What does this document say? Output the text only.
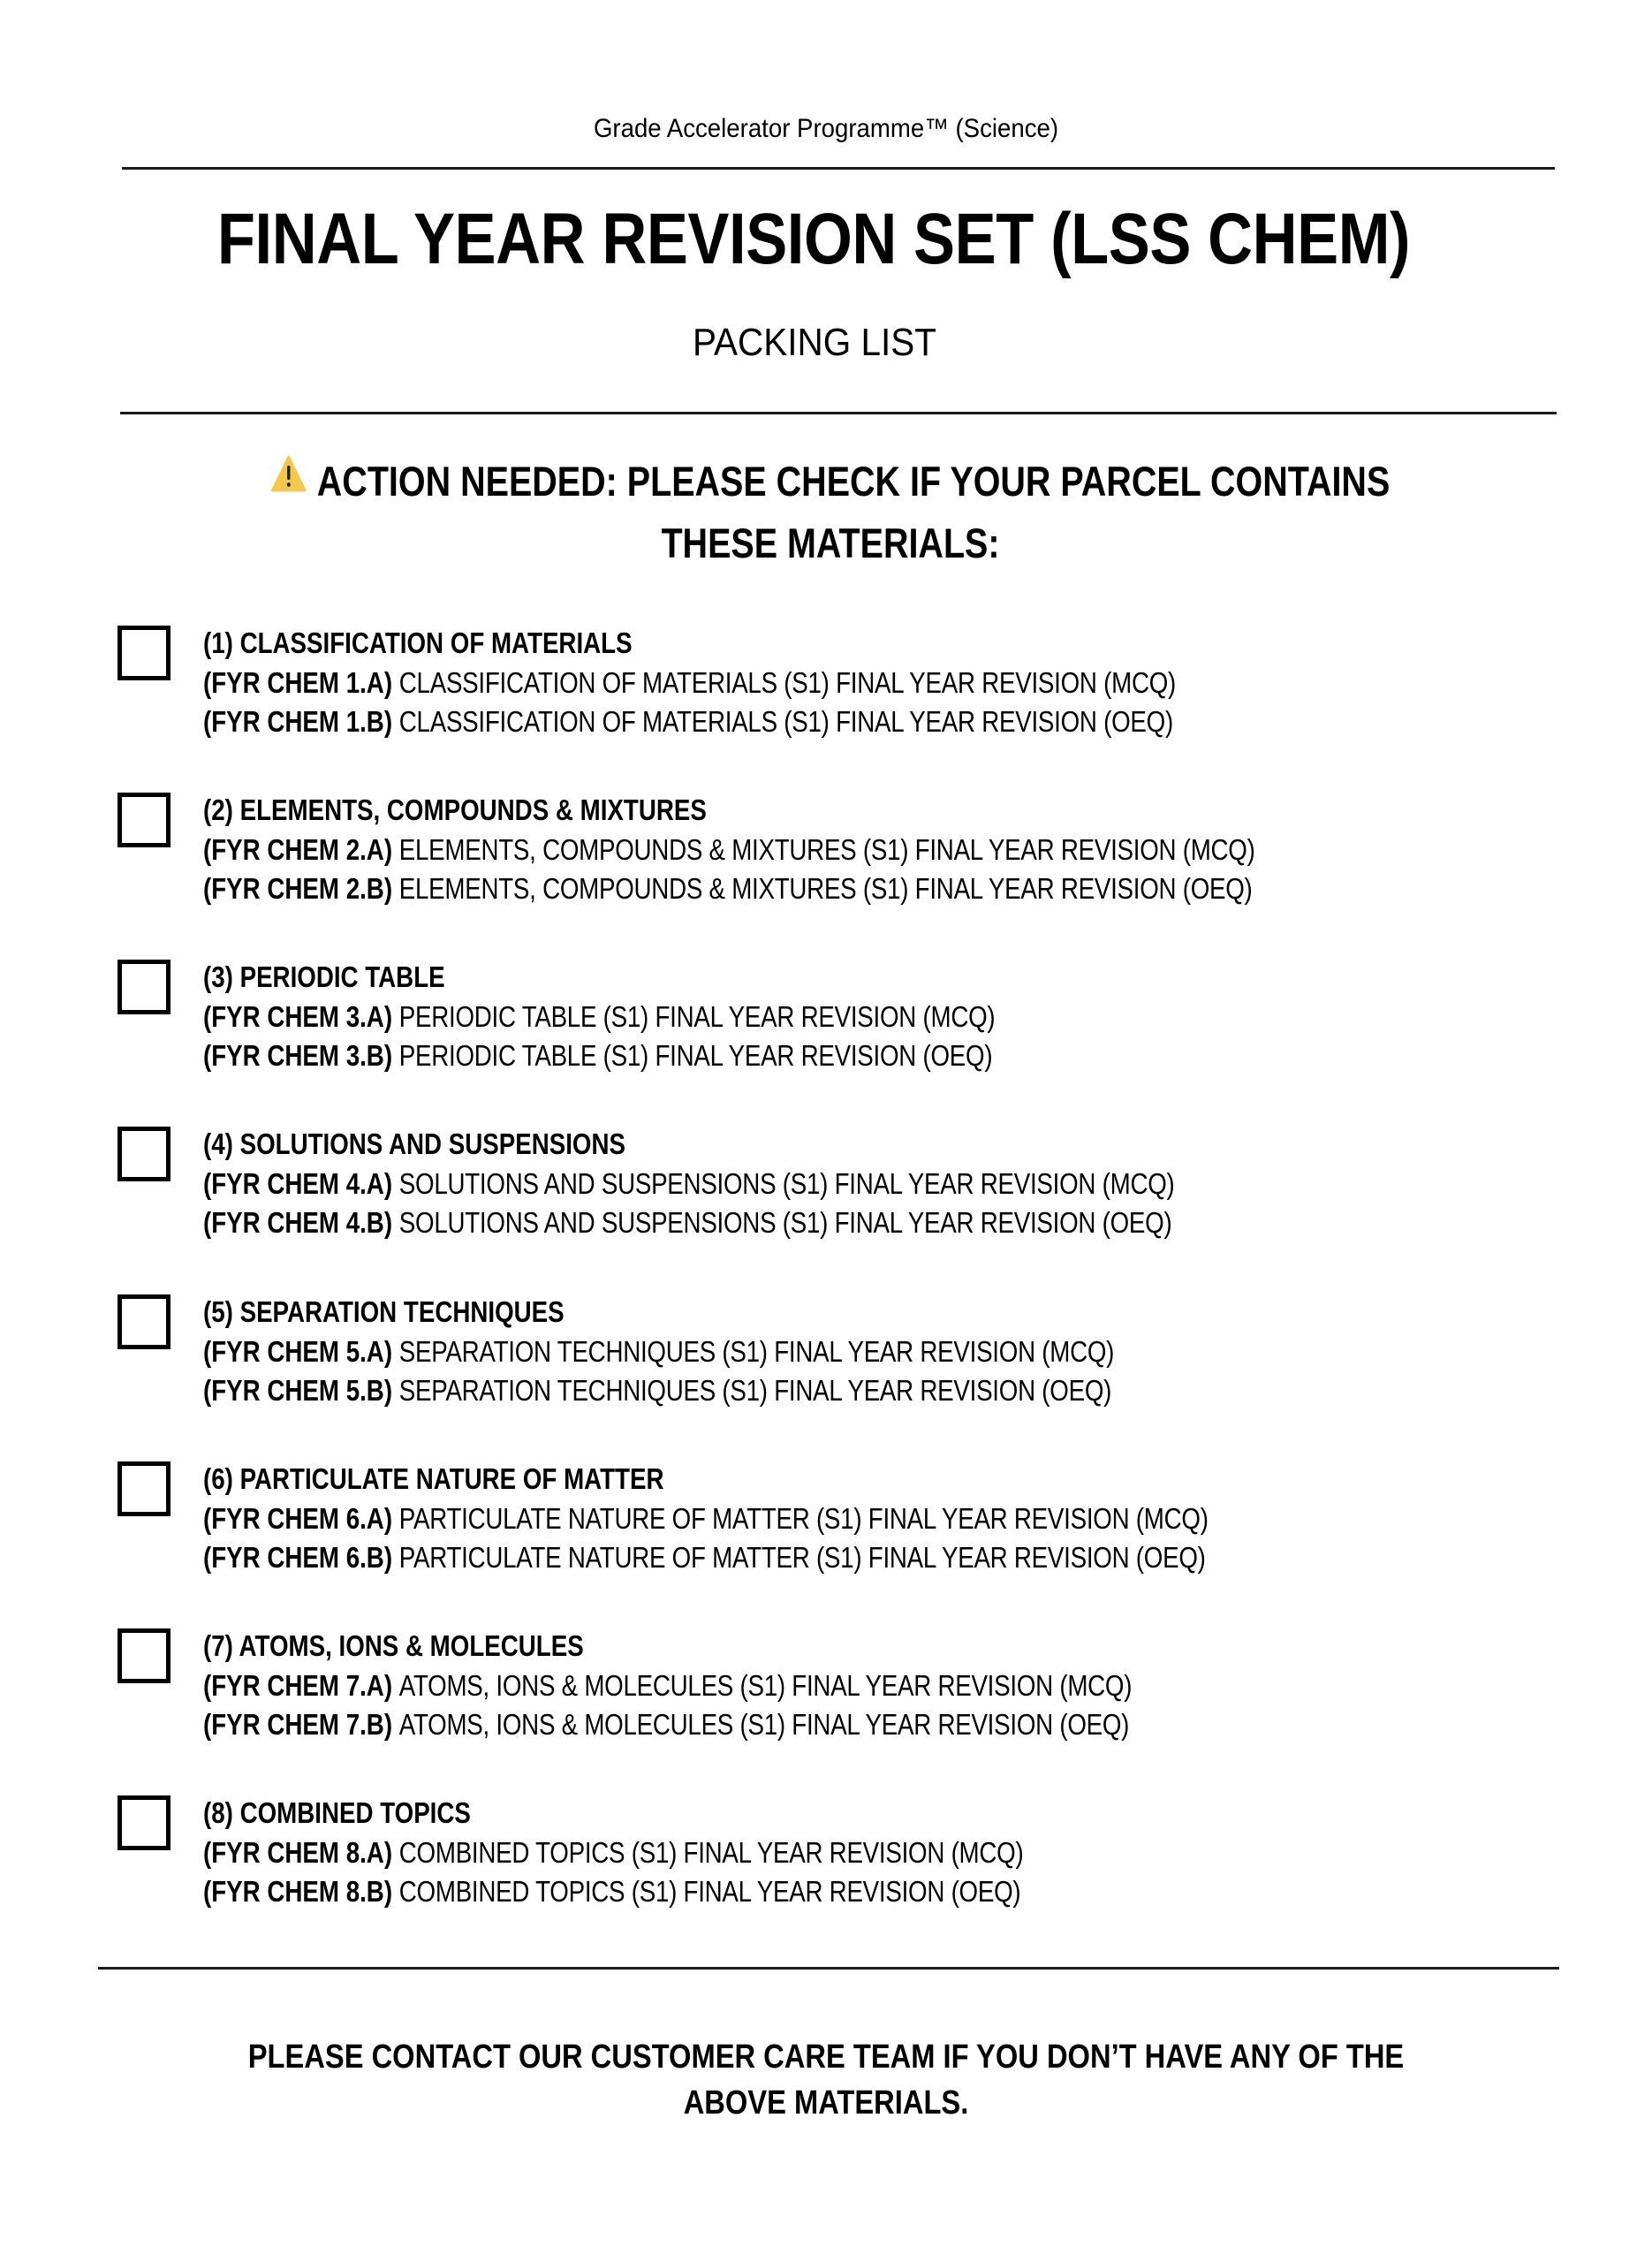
Grade Accelerator Programme™ (Science)
FINAL YEAR REVISION SET (LSS CHEM)
PACKING LIST
ACTION NEEDED: PLEASE CHECK IF YOUR PARCEL CONTAINS
THESE MATERIALS:
(1) CLASSIFICATION OF MATERIALS
(FYR CHEM 1.A) CLASSIFICATION OF MATERIALS (S1) FINAL YEAR REVISION (MCQ)
(FYR CHEM 1.B) CLASSIFICATION OF MATERIALS (S1) FINAL YEAR REVISION (OEQ)
(2) ELEMENTS, COMPOUNDS & MIXTURES
(FYR CHEM 2.A) ELEMENTS, COMPOUNDS & MIXTURES (S1) FINAL YEAR REVISION (MCQ)
(FYR CHEM 2.B) ELEMENTS, COMPOUNDS & MIXTURES (S1) FINAL YEAR REVISION (OEQ)
(3) PERIODIC TABLE
(FYR CHEM 3.A) PERIODIC TABLE (S1) FINAL YEAR REVISION (MCQ)
(FYR CHEM 3.B) PERIODIC TABLE (S1) FINAL YEAR REVISION (OEQ)
(4) SOLUTIONS AND SUSPENSIONS
(FYR CHEM 4.A) SOLUTIONS AND SUSPENSIONS (S1) FINAL YEAR REVISION (MCQ)
(FYR CHEM 4.B) SOLUTIONS AND SUSPENSIONS (S1) FINAL YEAR REVISION (OEQ)
(5) SEPARATION TECHNIQUES
(FYR CHEM 5.A) SEPARATION TECHNIQUES (S1) FINAL YEAR REVISION (MCQ)
(FYR CHEM 5.B) SEPARATION TECHNIQUES (S1) FINAL YEAR REVISION (OEQ)
(6) PARTICULATE NATURE OF MATTER
(FYR CHEM 6.A) PARTICULATE NATURE OF MATTER (S1) FINAL YEAR REVISION (MCQ)
(FYR CHEM 6.B) PARTICULATE NATURE OF MATTER (S1) FINAL YEAR REVISION (OEQ)
(7) ATOMS, IONS & MOLECULES
(FYR CHEM 7.A) ATOMS, IONS & MOLECULES (S1) FINAL YEAR REVISION (MCQ)
(FYR CHEM 7.B) ATOMS, IONS & MOLECULES (S1) FINAL YEAR REVISION (OEQ)
(8) COMBINED TOPICS
(FYR CHEM 8.A) COMBINED TOPICS (S1) FINAL YEAR REVISION (MCQ)
(FYR CHEM 8.B) COMBINED TOPICS (S1) FINAL YEAR REVISION (OEQ)
PLEASE CONTACT OUR CUSTOMER CARE TEAM IF YOU DON’T HAVE ANY OF THE
ABOVE MATERIALS.
